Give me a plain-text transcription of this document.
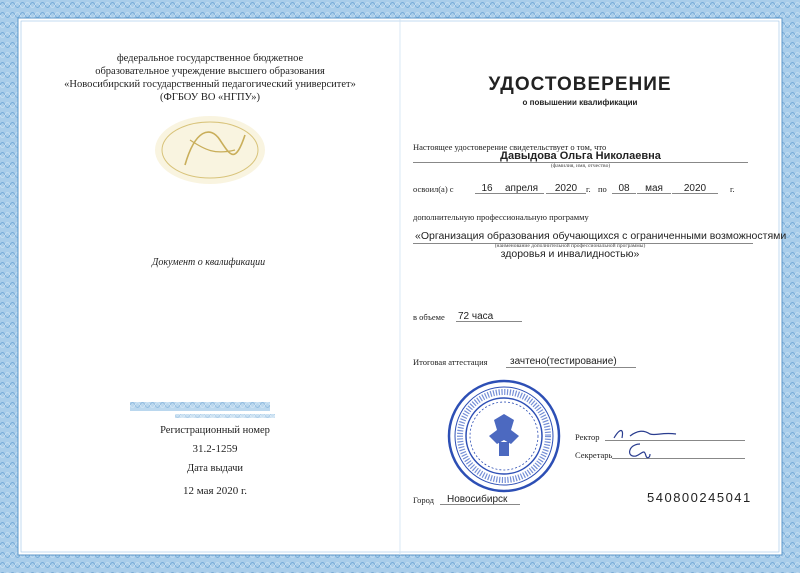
федеральное государственное бюджетное
образовательное учреждение высшего образования
«Новосибирский государственный педагогический университет»
(ФГБОУ ВО «НГПУ»)
Документ о квалификации
Регистрационный номер
31.2-1259
Дата выдачи
12 мая 2020 г.
УДОСТОВЕРЕНИЕ
о повышении квалификации
Настоящее удостоверение свидетельствует о том, что
Давыдова Ольга Николаевна
(фамилия, имя, отчество)
освоил(а) с	16	апреля	2020	г. по	08	мая	2020	г.
дополнительную профессиональную программу
«Организация образования обучающихся с ограниченными возможностями
(наименование дополнительной профессиональной программы)
здоровья и инвалидностью»
в объеме 72 часа
Итоговая аттестация зачтено(тестирование)
Ректор
Секретарь
Город Новосибирск	540800245041
